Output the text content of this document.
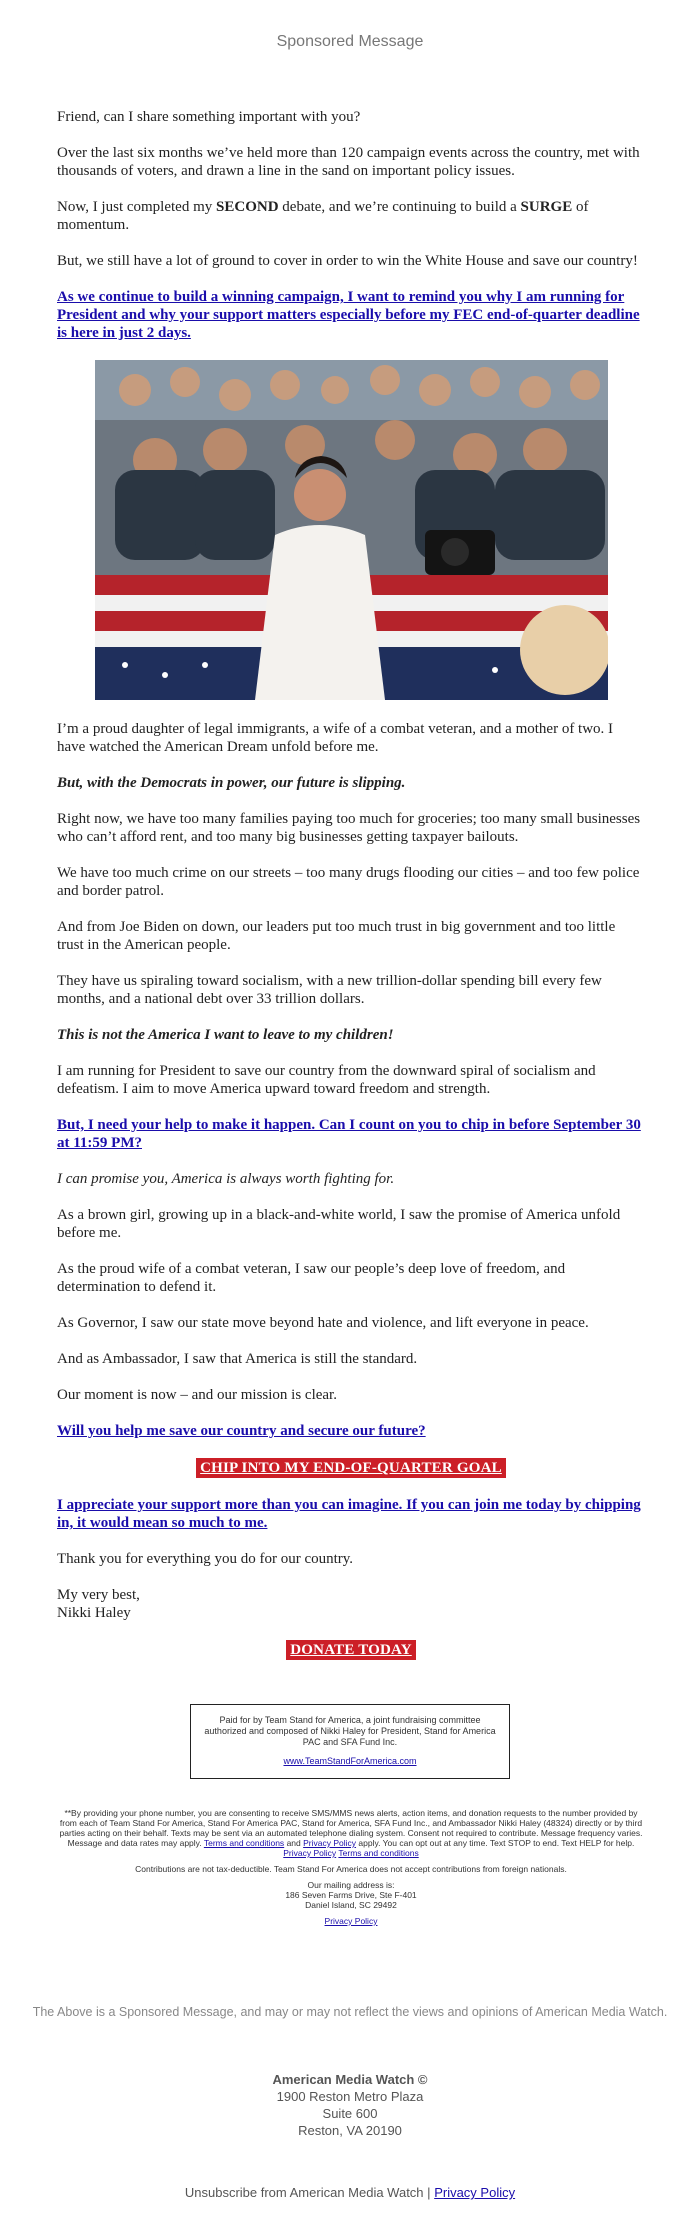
Sponsored Message

Friend, can I share something important with you?

Over the last six months we’ve held more than 120 campaign events across the country, met with thousands of voters, and drawn a line in the sand on important policy issues.

Now, I just completed my SECOND debate, and we’re continuing to build a SURGE of momentum.

But, we still have a lot of ground to cover in order to win the White House and save our country!

As we continue to build a winning campaign, I want to remind you why I am running for President and why your support matters especially before my FEC end-of-quarter deadline is here in just 2 days.

I’m a proud daughter of legal immigrants, a wife of a combat veteran, and a mother of two. I have watched the American Dream unfold before me.

But, with the Democrats in power, our future is slipping.

Right now, we have too many families paying too much for groceries; too many small businesses who can’t afford rent, and too many big businesses getting taxpayer bailouts.

We have too much crime on our streets – too many drugs flooding our cities – and too few police and border patrol.

And from Joe Biden on down, our leaders put too much trust in big government and too little trust in the American people.

They have us spiraling toward socialism, with a new trillion-dollar spending bill every few months, and a national debt over 33 trillion dollars.

This is not the America I want to leave to my children!

I am running for President to save our country from the downward spiral of socialism and defeatism. I aim to move America upward toward freedom and strength.

But, I need your help to make it happen. Can I count on you to chip in before September 30 at 11:59 PM?

I can promise you, America is always worth fighting for.

As a brown girl, growing up in a black-and-white world, I saw the promise of America unfold before me.

As the proud wife of a combat veteran, I saw our people’s deep love of freedom, and determination to defend it.

As Governor, I saw our state move beyond hate and violence, and lift everyone in peace.

And as Ambassador, I saw that America is still the standard.

Our moment is now – and our mission is clear.

Will you help me save our country and secure our future?

CHIP INTO MY END-OF-QUARTER GOAL

I appreciate your support more than you can imagine. If you can join me today by chipping in, it would mean so much to me.

Thank you for everything you do for our country.

My very best,
Nikki Haley

DONATE TODAY
Paid for by Team Stand for America, a joint fundraising committee authorized and composed of Nikki Haley for President, Stand for America PAC and SFA Fund Inc.
www.TeamStandForAmerica.com

**By providing your phone number, you are consenting to receive SMS/MMS news alerts, action items, and donation requests to the number provided by from each of Team Stand For America, Stand For America PAC, Stand for America, SFA Fund Inc., and Ambassador Nikki Haley (48324) directly or by third parties acting on their behalf. Texts may be sent via an automated telephone dialing system. Consent not required to contribute. Message frequency varies. Message and data rates may apply. Terms and conditions and Privacy Policy apply. You can opt out at any time. Text STOP to end. Text HELP for help. Privacy Policy Terms and conditions

Contributions are not tax-deductible. Team Stand For America does not accept contributions from foreign nationals.

Our mailing address is:
186 Seven Farms Drive, Ste F-401
Daniel Island, SC 29492

Privacy Policy

The Above is a Sponsored Message, and may or may not reflect the views and opinions of American Media Watch.
American Media Watch ©
1900 Reston Metro Plaza
Suite 600
Reston, VA 20190
Unsubscribe from American Media Watch | Privacy Policy
